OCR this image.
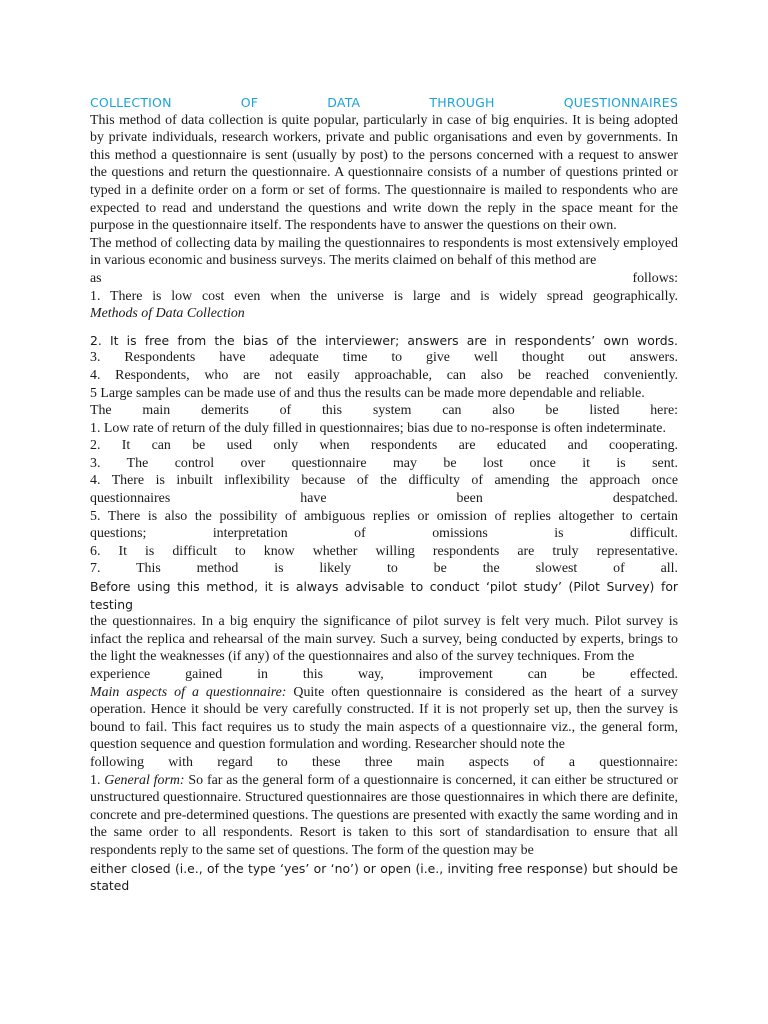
COLLECTION OF DATA THROUGH QUESTIONNAIRES

This method of data collection is quite popular, particularly in case of big enquiries. It is being adopted by private individuals, research workers, private and public organisations and even by governments. In this method a questionnaire is sent (usually by post) to the persons concerned with a request to answer the questions and return the questionnaire. A questionnaire consists of a number of questions printed or typed in a definite order on a form or set of forms. The questionnaire is mailed to respondents who are expected to read and understand the questions and write down the reply in the space meant for the purpose in the questionnaire itself. The respondents have to answer the questions on their own.

The method of collecting data by mailing the questionnaires to respondents is most extensively employed in various economic and business surveys. The merits claimed on behalf of this method are

as follows:

1. There is low cost even when the universe is large and is widely spread geographically.

Methods of Data Collection

2. It is free from the bias of the interviewer; answers are in respondents’ own words.

3. Respondents have adequate time to give well thought out answers.

4. Respondents, who are not easily approachable, can also be reached conveniently.

5 Large samples can be made use of and thus the results can be made more dependable and reliable.

The main demerits of this system can also be listed here:

1. Low rate of return of the duly filled in questionnaires; bias due to no-response is often indeterminate.

2. It can be used only when respondents are educated and cooperating.

3. The control over questionnaire may be lost once it is sent.

4. There is inbuilt inflexibility because of the difficulty of amending the approach once

questionnaires have been despatched.

5. There is also the possibility of ambiguous replies or omission of replies altogether to certain

questions; interpretation of omissions is difficult.

6. It is difficult to know whether willing respondents are truly representative.

7. This method is likely to be the slowest of all.

Before using this method, it is always advisable to conduct ‘pilot study’ (Pilot Survey) for testing

the questionnaires. In a big enquiry the significance of pilot survey is felt very much. Pilot survey is infact the replica and rehearsal of the main survey. Such a survey, being conducted by experts, brings to the light the weaknesses (if any) of the questionnaires and also of the survey techniques. From the

experience gained in this way, improvement can be effected.

Main aspects of a questionnaire: Quite often questionnaire is considered as the heart of a survey operation. Hence it should be very carefully constructed. If it is not properly set up, then the survey is bound to fail. This fact requires us to study the main aspects of a questionnaire viz., the general form, question sequence and question formulation and wording. Researcher should note the

following with regard to these three main aspects of a questionnaire:

1. General form: So far as the general form of a questionnaire is concerned, it can either be structured or unstructured questionnaire. Structured questionnaires are those questionnaires in which there are definite, concrete and pre-determined questions. The questions are presented with exactly the same wording and in the same order to all respondents. Resort is taken to this sort of standardisation to ensure that all respondents reply to the same set of questions. The form of the question may be

either closed (i.e., of the type ‘yes’ or ‘no’) or open (i.e., inviting free response) but should be stated
